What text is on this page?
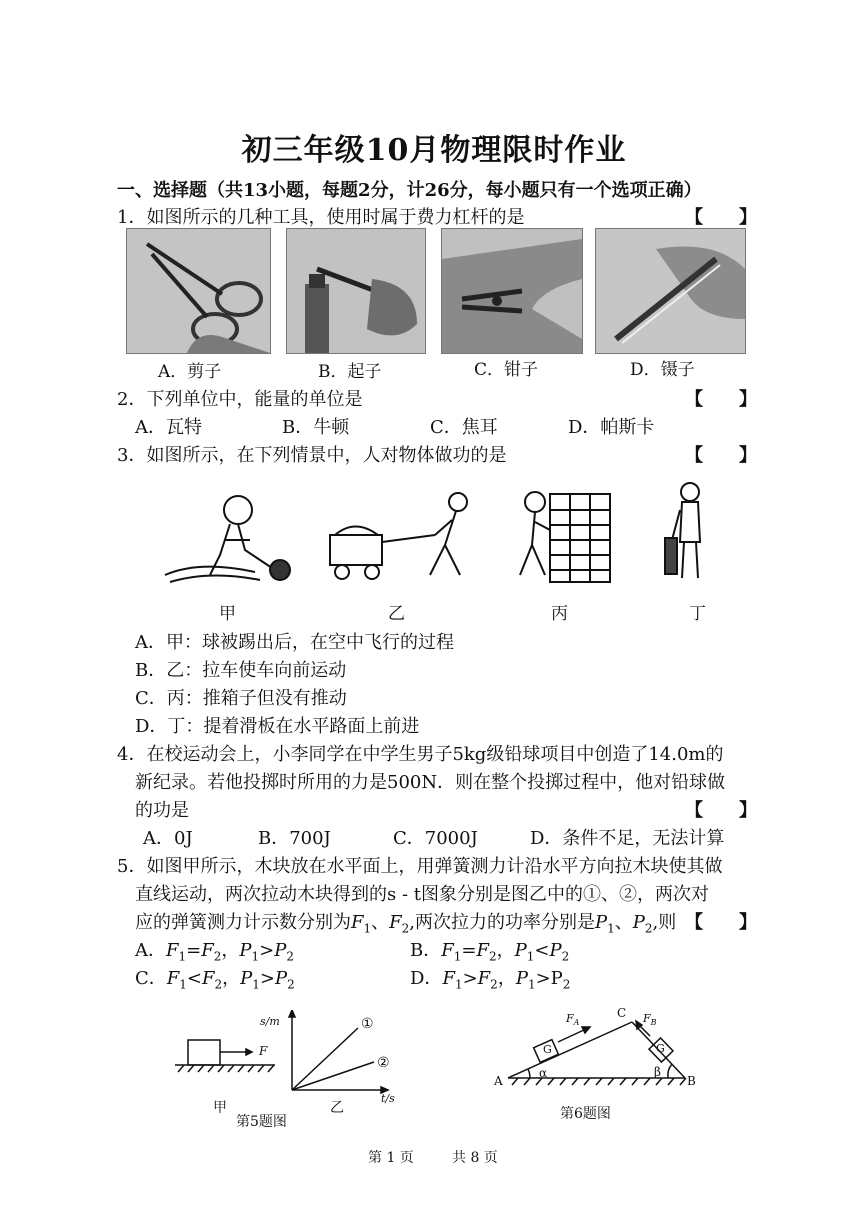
初三年级10月物理限时作业
一、选择题（共13小题，每题2分，计26分，每小题只有一个选项正确）
1．如图所示的几种工具，使用时属于费力杠杆的是	【　　】
A．剪子	B．起子	C．钳子	D．镊子
2．下列单位中，能量的单位是	【　　】
A．瓦特	B．牛顿	C．焦耳	D．帕斯卡
3．如图所示，在下列情景中，人对物体做功的是	【　　】
甲	乙	丙	丁
A．甲：球被踢出后，在空中飞行的过程
B．乙：拉车使车向前运动
C．丙：推箱子但没有推动
D．丁：提着滑板在水平路面上前进
4．在校运动会上，小李同学在中学生男子5kg级铅球项目中创造了14.0m的
新纪录。若他投掷时所用的力是500N．则在整个投掷过程中，他对铅球做
的功是	【　　】
A．0J	B．700J	C．7000J	D．条件不足，无法计算
5．如图甲所示，木块放在水平面上，用弹簧测力计沿水平方向拉木块使其做
直线运动，两次拉动木块得到的s - t图象分别是图乙中的①、②，两次对
应的弹簧测力计示数分别为$F_1$、$F_2$,两次拉力的功率分别是$P_1$、$P_2$,则 【　　】
A．$F_1=F_2$，$P_1>P_2$	B．$F_1=F_2$，$P_1<P_2$
C．$F_1<F_2$，$P_1>P_2$	D．$F_1>F_2$，$P_1>P_2$
s/m
t/s
①
②
F
甲	乙
第5题图
A	B
C
α	β
G	G
$F_A$	$F_B$
第6题图
第 1 页	共 8 页
